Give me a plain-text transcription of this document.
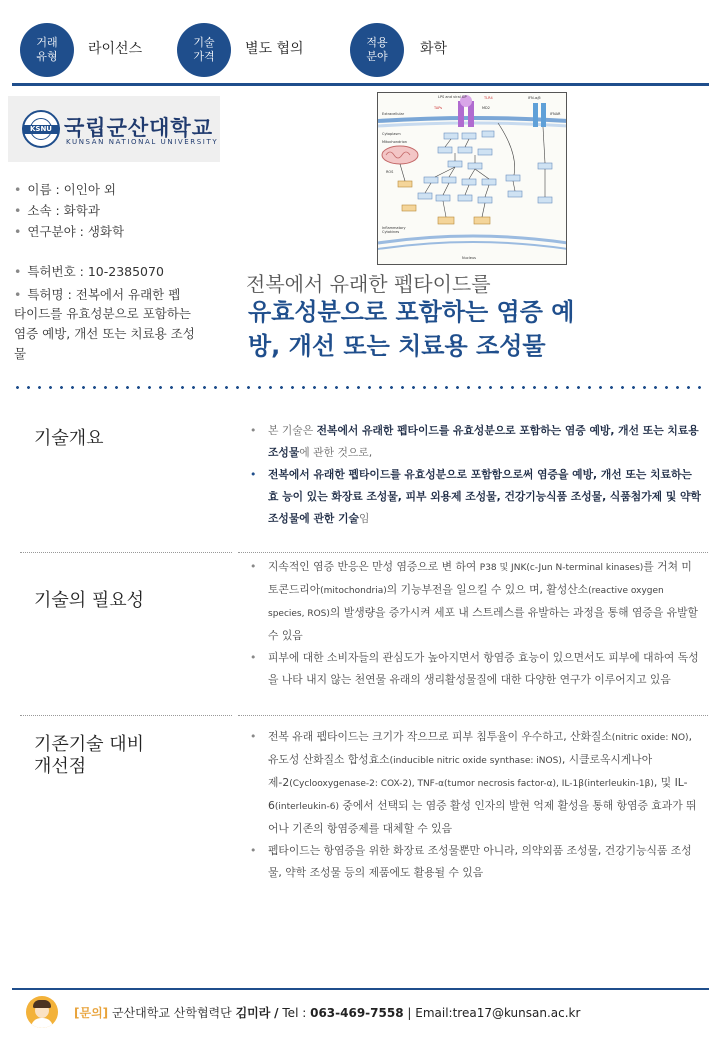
거래
유형	라이선스	기술
가격	별도 협의	적용
분야	화학
KSNU 국립군산대학교
KUNSAN NATIONAL UNIVERSITY
• 이름 : 이인아 외
• 소속 : 화학과
• 연구분야 : 생화학
• 특허번호 : 10-2385070
• 특허명 : 전복에서 유래한 펩
타이드를 유효성분으로 포함하는
염증 예방, 개선 또는 치료용 조성
물
LPS and viral GP	TLR4	IFN-α/β
TAPs	MD2
IFNAR
Extracellular
Cytoplasm
Mitochondrion
ROS
Inflammatory
Cytokines
Nucleus
전복에서 유래한 펩타이드를
유효성분으로 포함하는 염증 예
방, 개선 또는 치료용 조성물
기술개요	• 본 기술은 전복에서 유래한 펩타이드를 유효성분으로 포함하는 염증 예방, 개선 또는 치료용 조성물에 관한 것으로,

• 전복에서 유래한 펩타이드를 유효성분으로 포함함으로써 염증을 예방, 개선 또는 치료하는 효 능이 있는 화장료 조성물, 피부 외용제 조성물, 건강기능식품 조성물, 식품첨가제 및 약학 조성물에 관한 기술임

기술의 필요성

• 지속적인 염증 반응은 만성 염증으로 변 하여 P38 및 JNK(c-Jun N-terminal kinases)를 거쳐 미토콘드리아(mitochondria)의 기능부전을 일으킬 수 있으 며, 활성산소(reactive oxygen species, ROS)의 발생량을 증가시켜 세포 내 스트레스를 유발하는 과정을 통해 염증을 유발할 수 있음

• 피부에 대한 소비자들의 관심도가 높아지면서 항염증 효능이 있으면서도 피부에 대하여 독성을 나타 내지 않는 천연물 유래의 생리활성물질에 대한 다양한 연구가 이루어지고 있음

기존기술 대비
개선점

• 전복 유래 펩타이드는 크기가 작으므로 피부 침투율이 우수하고, 산화질소(nitric oxide: NO), 유도성 산화질소 합성효소(inducible nitric oxide synthase: iNOS), 시클로옥시게나아제-2(Cyclooxygenase-2: COX-2), TNF-α(tumor necrosis factor-α), IL-1β(interleukin-1β), 및 IL-6(interleukin-6) 중에서 선택되 는 염증 활성 인자의 발현 억제 활성을 통해 항염증 효과가 뛰어나 기존의 항염증제를 대체할 수 있음

• 펩타이드는 항염증을 위한 화장료 조성물뿐만 아니라, 의약외품 조성물, 건강기능식품 조성물, 약학 조성물 등의 제품에도 활용될 수 있음

[문의] 군산대학교 산학협력단 김미라 / Tel : 063-469-7558 | Email:trea17@kunsan.ac.kr
